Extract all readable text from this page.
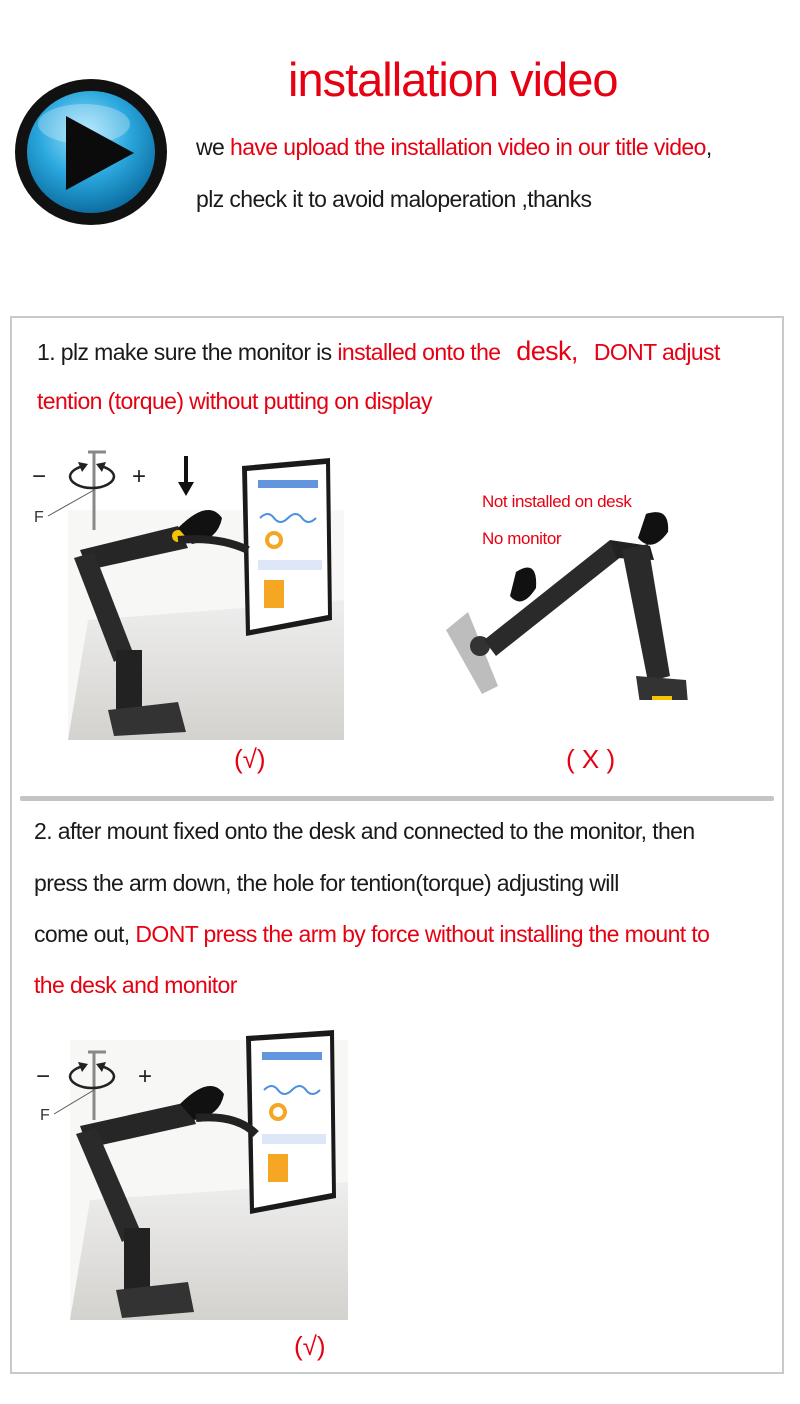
installation video
we have upload the installation video in our title video,
plz check it to avoid maloperation ,thanks
1. plz make sure the monitor is installed onto the desk, DONT adjust
tention (torque) without putting on display
−	+
F
(√)
Not installed on desk
No monitor
( X )
2. after mount fixed onto the desk and connected to the monitor, then
press the arm down, the hole for tention(torque) adjusting will
come out, DONT press the arm by force without installing the mount to
the desk and monitor
−	+
F
(√)
